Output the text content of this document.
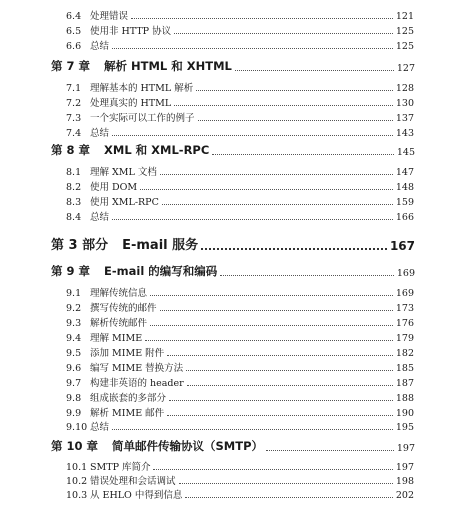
6.4 处理错误	121
6.5 使用非 HTTP 协议	125
6.6 总结	125
第 7 章 解析 HTML 和 XHTML	127
7.1 理解基本的 HTML 解析	128
7.2 处理真实的 HTML	130
7.3 一个实际可以工作的例子	137
7.4 总结	143
第 8 章 XML 和 XML-RPC	145
8.1 理解 XML 文档	147
8.2 使用 DOM	148
8.3 使用 XML-RPC	159
8.4 总结	166
第 3 部分 E-mail 服务	167
第 9 章 E-mail 的编写和编码	169
9.1 理解传统信息	169
9.2 撰写传统的邮件	173
9.3 解析传统邮件	176
9.4 理解 MIME	179
9.5 添加 MIME 附件	182
9.6 编写 MIME 替换方法	185
9.7 构建非英语的 header	187
9.8 组成嵌套的多部分	188
9.9 解析 MIME 邮件	190
9.10 总结	195
第 10 章 简单邮件传输协议（SMTP）	197
10.1 SMTP 库简介	197
10.2 错误处理和会话调试	198
10.3 从 EHLO 中得到信息	202
